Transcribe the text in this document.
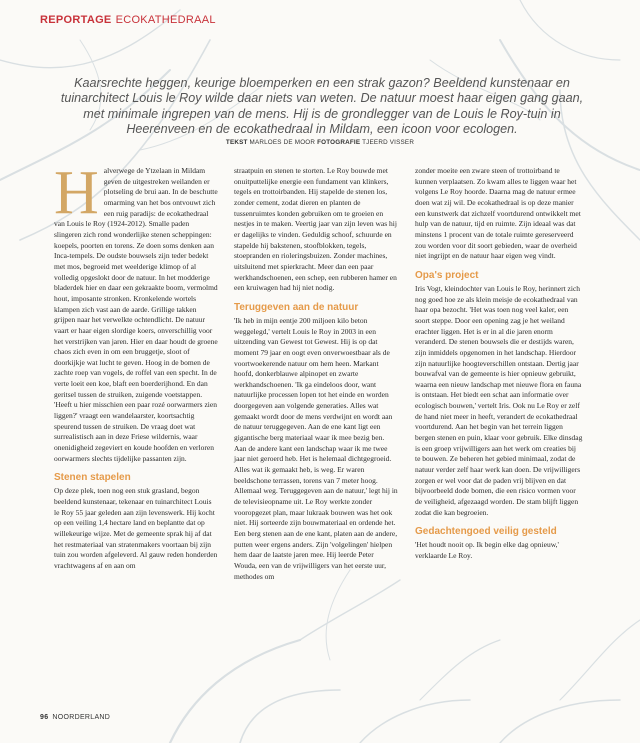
REPORTAGE ECOKATHEDRAAL
Kaarsrechte heggen, keurige bloemperken en een strak gazon? Beeldend kunstenaar en tuinarchitect Louis le Roy wilde daar niets van weten. De natuur moest haar eigen gang gaan, met minimale ingrepen van de mens. Hij is de grondlegger van de Louis le Roy-tuin in Heerenveen en de ecokathedraal in Mildam, een icoon voor ecologen.
TEKST MARLOES DE MOOR FOTOGRAFIE TJEERD VISSER
H alverwege de Ytzelaan in Mildam geven de uitgestreken weilanden er plotseling de brui aan. In de beschutte omarming van het bos ontvouwt zich een ruig paradijs: de ecokathedraal van Louis le Roy (1924-2012). Smalle paden slingeren zich rond wonderlijke stenen scheppingen: koepels, poorten en torens. Ze doen soms denken aan Inca-tempels. De oudste bouwsels zijn teder bedekt met mos, begroeid met weelderige klimop of al volledig opgeslokt door de natuur. In het modderige bladerdek hier en daar een gekraakte boom, vermolmd hout, imposante stronken. Kronkelende wortels klampen zich vast aan de aarde. Grillige takken grijpen naar het verwelkte ochtendlicht. De natuur vaart er haar eigen slordige koers, onverschillig voor het verstrijken van jaren. Hier en daar houdt de groene chaos zich even in om een bruggetje, sloot of doorkijkje wat lucht te geven. Hoog in de bomen de zachte roep van vogels, de roffel van een specht. In de verte loeit een koe, blaft een boerderijhond. En dan geritsel tussen de struiken, zuigende voetstappen. 'Heeft u hier misschien een paar rozé oorwarmers zien liggen?' vraagt een wandelaarster, koortsachtig speurend tussen de struiken. De vraag doet wat surrealistisch aan in deze Friese wildernis, waar onenidigheid zegeviert en koude hoofden en verloren oorwarmers slechts tijdelijke passanten zijn.

Stenen stapelen

Op deze plek, toen nog een stuk grasland, begon beeldend kunstenaar, tekenaar en tuinarchitect Louis le Roy 55 jaar geleden aan zijn levenswerk. Hij kocht op een veiling 1,4 hectare land en beplantte dat op willekeurige wijze. Met de gemeente sprak hij af dat het restmateriaal van stratenmakers voortaan bij zijn tuin zou worden afgeleverd. Al gauw reden honderden vrachtwagens af en aan om

straatpuin en stenen te storten. Le Roy bouwde met onuitputtelijke energie een fundament van klinkers, tegels en trottoirbanden. Hij stapelde de stenen los, zonder cement, zodat dieren en planten de tussenruimtes konden gebruiken om te groeien en nestjes in te maken. Veertig jaar van zijn leven was hij er dagelijks te vinden. Geduldig schoof, schuurde en stapelde hij bakstenen, stoofblokken, tegels, stoepranden en rioleringsbuizen. Zonder machines, uitsluitend met spierkracht. Meer dan een paar werkhandschoenen, een schep, een rubberen hamer en een kruiwagen had hij niet nodig.

Teruggeven aan de natuur

'Ik heb in mijn eentje 200 miljoen kilo beton weggelegd,' vertelt Louis le Roy in 2003 in een uitzending van Gewest tot Gewest. Hij is op dat moment 79 jaar en oogt even onverwoestbaar als de voortwoekerende natuur om hem heen. Markant hoofd, donkerblauwe alpinopet en zwarte werkhandschoenen. 'Ik ga eindeloos door, want natuurlijke processen lopen tot het einde en worden doorgegeven aan volgende generaties. Alles wat gemaakt wordt door de mens verdwijnt en wordt aan de natuur teruggegeven. Aan de ene kant ligt een gigantische berg materiaal waar ik mee bezig ben. Aan de andere kant een landschap waar ik me twee jaar niet geroerd heb. Het is helemaal dichtgegroeid. Alles wat ik gemaakt heb, is weg. Er waren beeldschone terrassen, torens van 7 meter hoog. Allemaal weg. Teruggegeven aan de natuur,' legt hij in de televisieopname uit. Le Roy werkte zonder vooropgezet plan, maar lukraak bouwen was het ook niet. Hij sorteerde zijn bouwmateriaal en ordende het. Een berg stenen aan de ene kant, platen aan de andere, putten weer ergens anders. Zijn 'volgelingen' hielpen hem daar de laatste jaren mee. Hij leerde Peter Wouda, een van de vrijwilligers van het eerste uur, methodes om

zonder moeite een zware steen of trottoirband te kunnen verplaatsen. Zo kwam alles te liggen waar het volgens Le Roy hoorde. Daarna mag de natuur ermee doen wat zij wil. De ecokathedraal is op deze manier een kunstwerk dat zichzelf voortdurend ontwikkelt met hulp van de natuur, tijd en ruimte. Zijn ideaal was dat minstens 1 procent van de totale ruimte gereserveerd zou worden voor dit soort gebieden, waar de overheid niet ingrijpt en de natuur haar eigen weg vindt.

Opa's project

Iris Vogt, kleindochter van Louis le Roy, herinnert zich nog goed hoe ze als klein meisje de ecokathedraal van haar opa bezocht. 'Het was toen nog veel kaler, een soort steppe. Door een opening zag je het weiland erachter liggen. Het is er in al die jaren enorm veranderd. De stenen bouwsels die er destijds waren, zijn inmiddels opgenomen in het landschap. Hierdoor zijn natuurlijke hoogteverschillen ontstaan. Dertig jaar bouwafval van de gemeente is hier opnieuw gebruikt, waarna een nieuw landschap met nieuwe flora en fauna is ontstaan. Het biedt een schat aan informatie over ecologisch bouwen,' vertelt Iris. Ook nu Le Roy er zelf de hand niet meer in heeft, verandert de ecokathedraal voortdurend. Aan het begin van het terrein liggen bergen stenen en puin, klaar voor gebruik. Elke dinsdag is een groep vrijwilligers aan het werk om creaties bij te bouwen. Ze beheren het gebied minimaal, zodat de natuur verder zelf haar werk kan doen. De vrijwilligers zorgen er wel voor dat de paden vrij blijven en dat bijvoorbeeld dode bomen, die een risico vormen voor de veiligheid, afgezaagd worden. De stam blijft liggen zodat die kan begroeien.

Gedachtengoed veilig gesteld

'Het houdt nooit op. Ik begin elke dag opnieuw,' verklaarde Le Roy.

96 NOORDERLAND
